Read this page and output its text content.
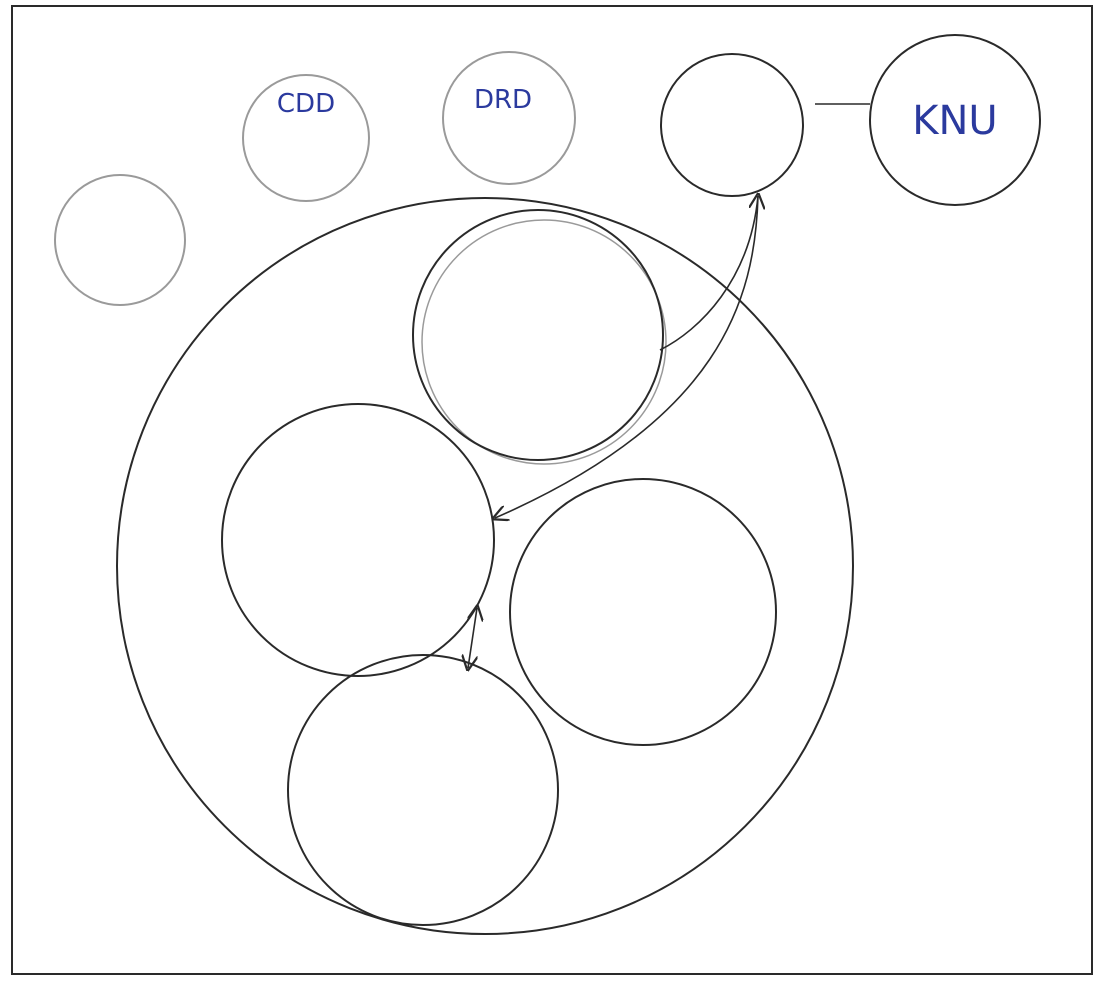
CDD	DRD	KNU
